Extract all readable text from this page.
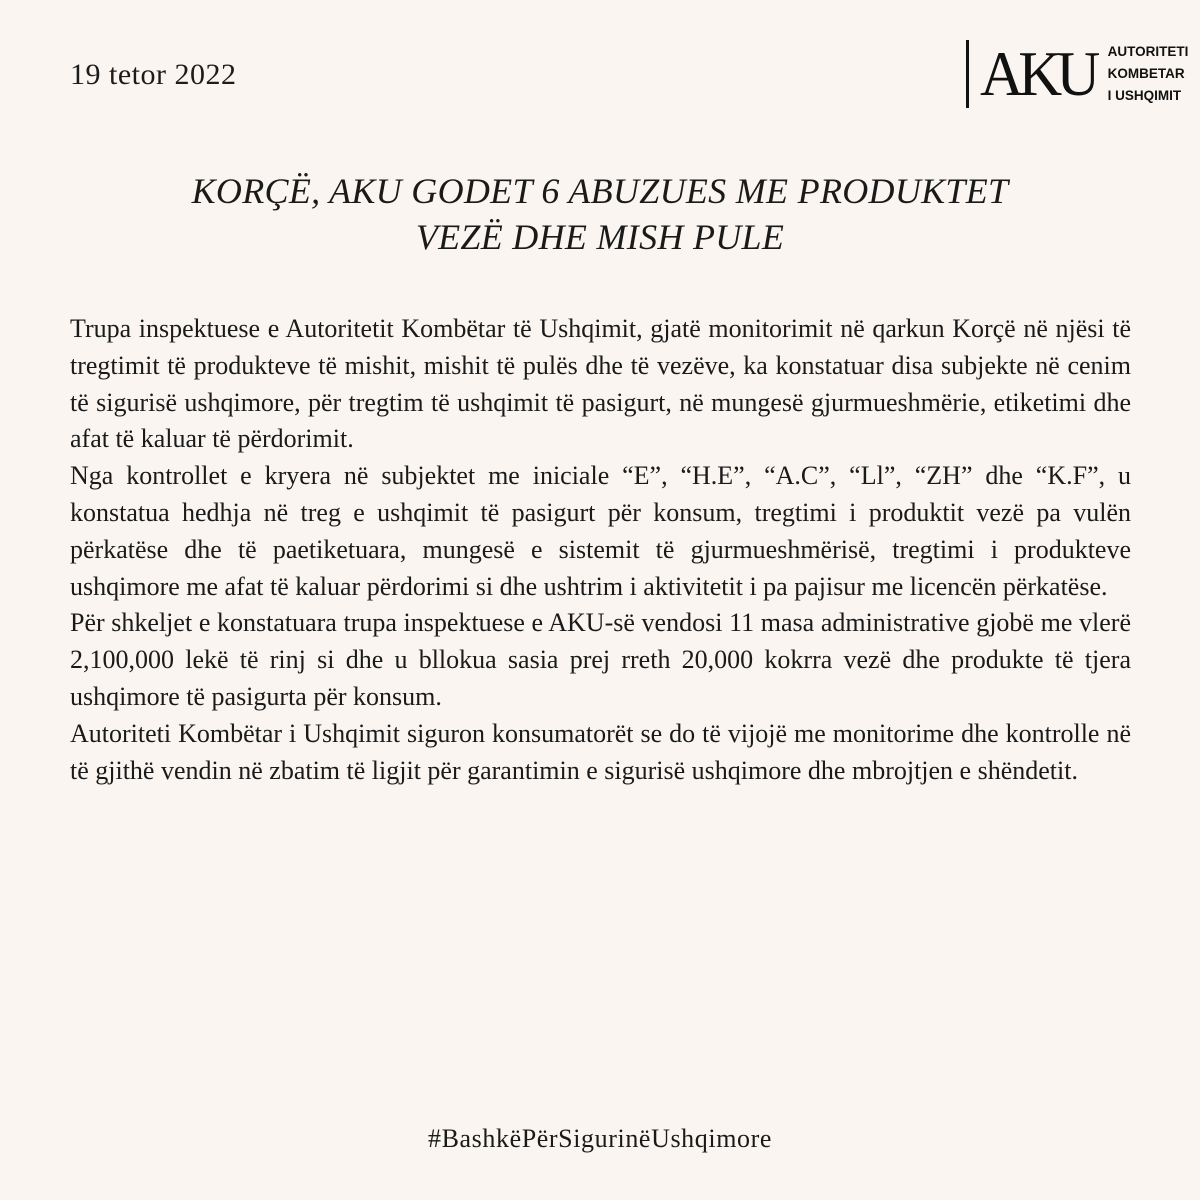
19 tetor 2022	AKU AUTORITETI
KOMBETAR
I USHQIMIT
KORÇË, AKU GODET 6 ABUZUES ME PRODUKTET
VEZË DHE MISH PULE

Trupa inspektuese e Autoritetit Kombëtar të Ushqimit, gjatë monitorimit në qarkun Korçë në njësi të tregtimit të produkteve të mishit, mishit të pulës dhe të vezëve, ka konstatuar disa subjekte në cenim të sigurisë ushqimore, për tregtim të ushqimit të pasigurt, në mungesë gjurmueshmërie, etiketimi dhe afat të kaluar të përdorimit.

Nga kontrollet e kryera në subjektet me iniciale “E”, “H.E”, “A.C”, “Ll”, “ZH” dhe “K.F”, u konstatua hedhja në treg e ushqimit të pasigurt për konsum, tregtimi i produktit vezë pa vulën përkatëse dhe të paetiketuara, mungesë e sistemit të gjurmueshmërisë, tregtimi i produkteve ushqimore me afat të kaluar përdorimi si dhe ushtrim i aktivitetit i pa pajisur me licencën përkatëse.

Për shkeljet e konstatuara trupa inspektuese e AKU-së vendosi 11 masa administrative gjobë me vlerë 2,100,000 lekë të rinj si dhe u bllokua sasia prej rreth 20,000 kokrra vezë dhe produkte të tjera ushqimore të pasigurta për konsum.

Autoriteti Kombëtar i Ushqimit siguron konsumatorët se do të vijojë me monitorime dhe kontrolle në të gjithë vendin në zbatim të ligjit për garantimin e sigurisë ushqimore dhe mbrojtjen e shëndetit.

#BashkëPërSigurinëUshqimore
